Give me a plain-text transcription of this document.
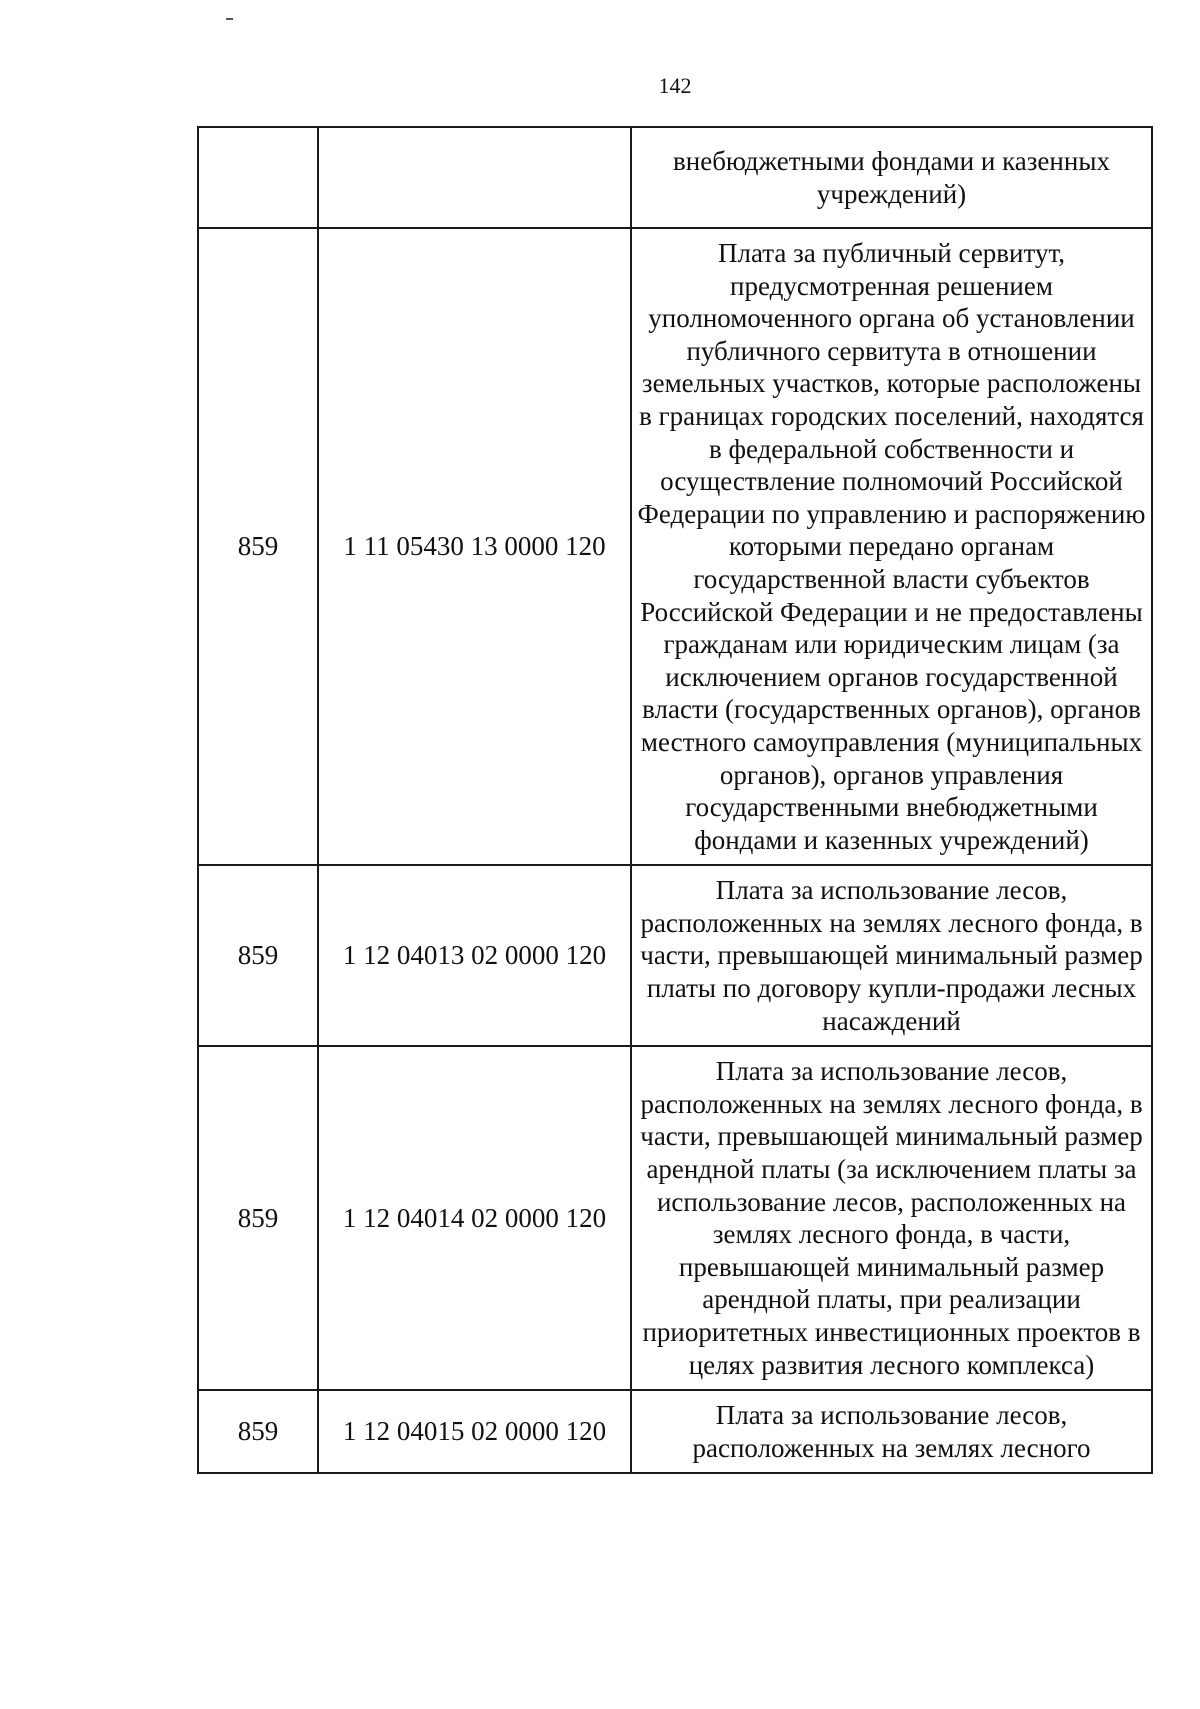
142
		внебюджетными фондами и казенных учреждений)
859	1 11 05430 13 0000 120	Плата за публичный сервитут, предусмотренная решением уполномоченного органа об установлении публичного сервитута в отношении земельных участков, которые расположены в границах городских поселений, находятся в федеральной собственности и осуществление полномочий Российской Федерации по управлению и распоряжению которыми передано органам государственной власти субъектов Российской Федерации и не предоставлены гражданам или юридическим лицам (за исключением органов государственной власти (государственных органов), органов местного самоуправления (муниципальных органов), органов управления государственными внебюджетными фондами и казенных учреждений)
859	1 12 04013 02 0000 120	Плата за использование лесов, расположенных на землях лесного фонда, в части, превышающей минимальный размер платы по договору купли-продажи лесных насаждений
859	1 12 04014 02 0000 120	Плата за использование лесов, расположенных на землях лесного фонда, в части, превышающей минимальный размер арендной платы (за исключением платы за использование лесов, расположенных на землях лесного фонда, в части, превышающей минимальный размер арендной платы, при реализации приоритетных инвестиционных проектов в целях развития лесного комплекса)
859	1 12 04015 02 0000 120	Плата за использование лесов, расположенных на землях лесного
